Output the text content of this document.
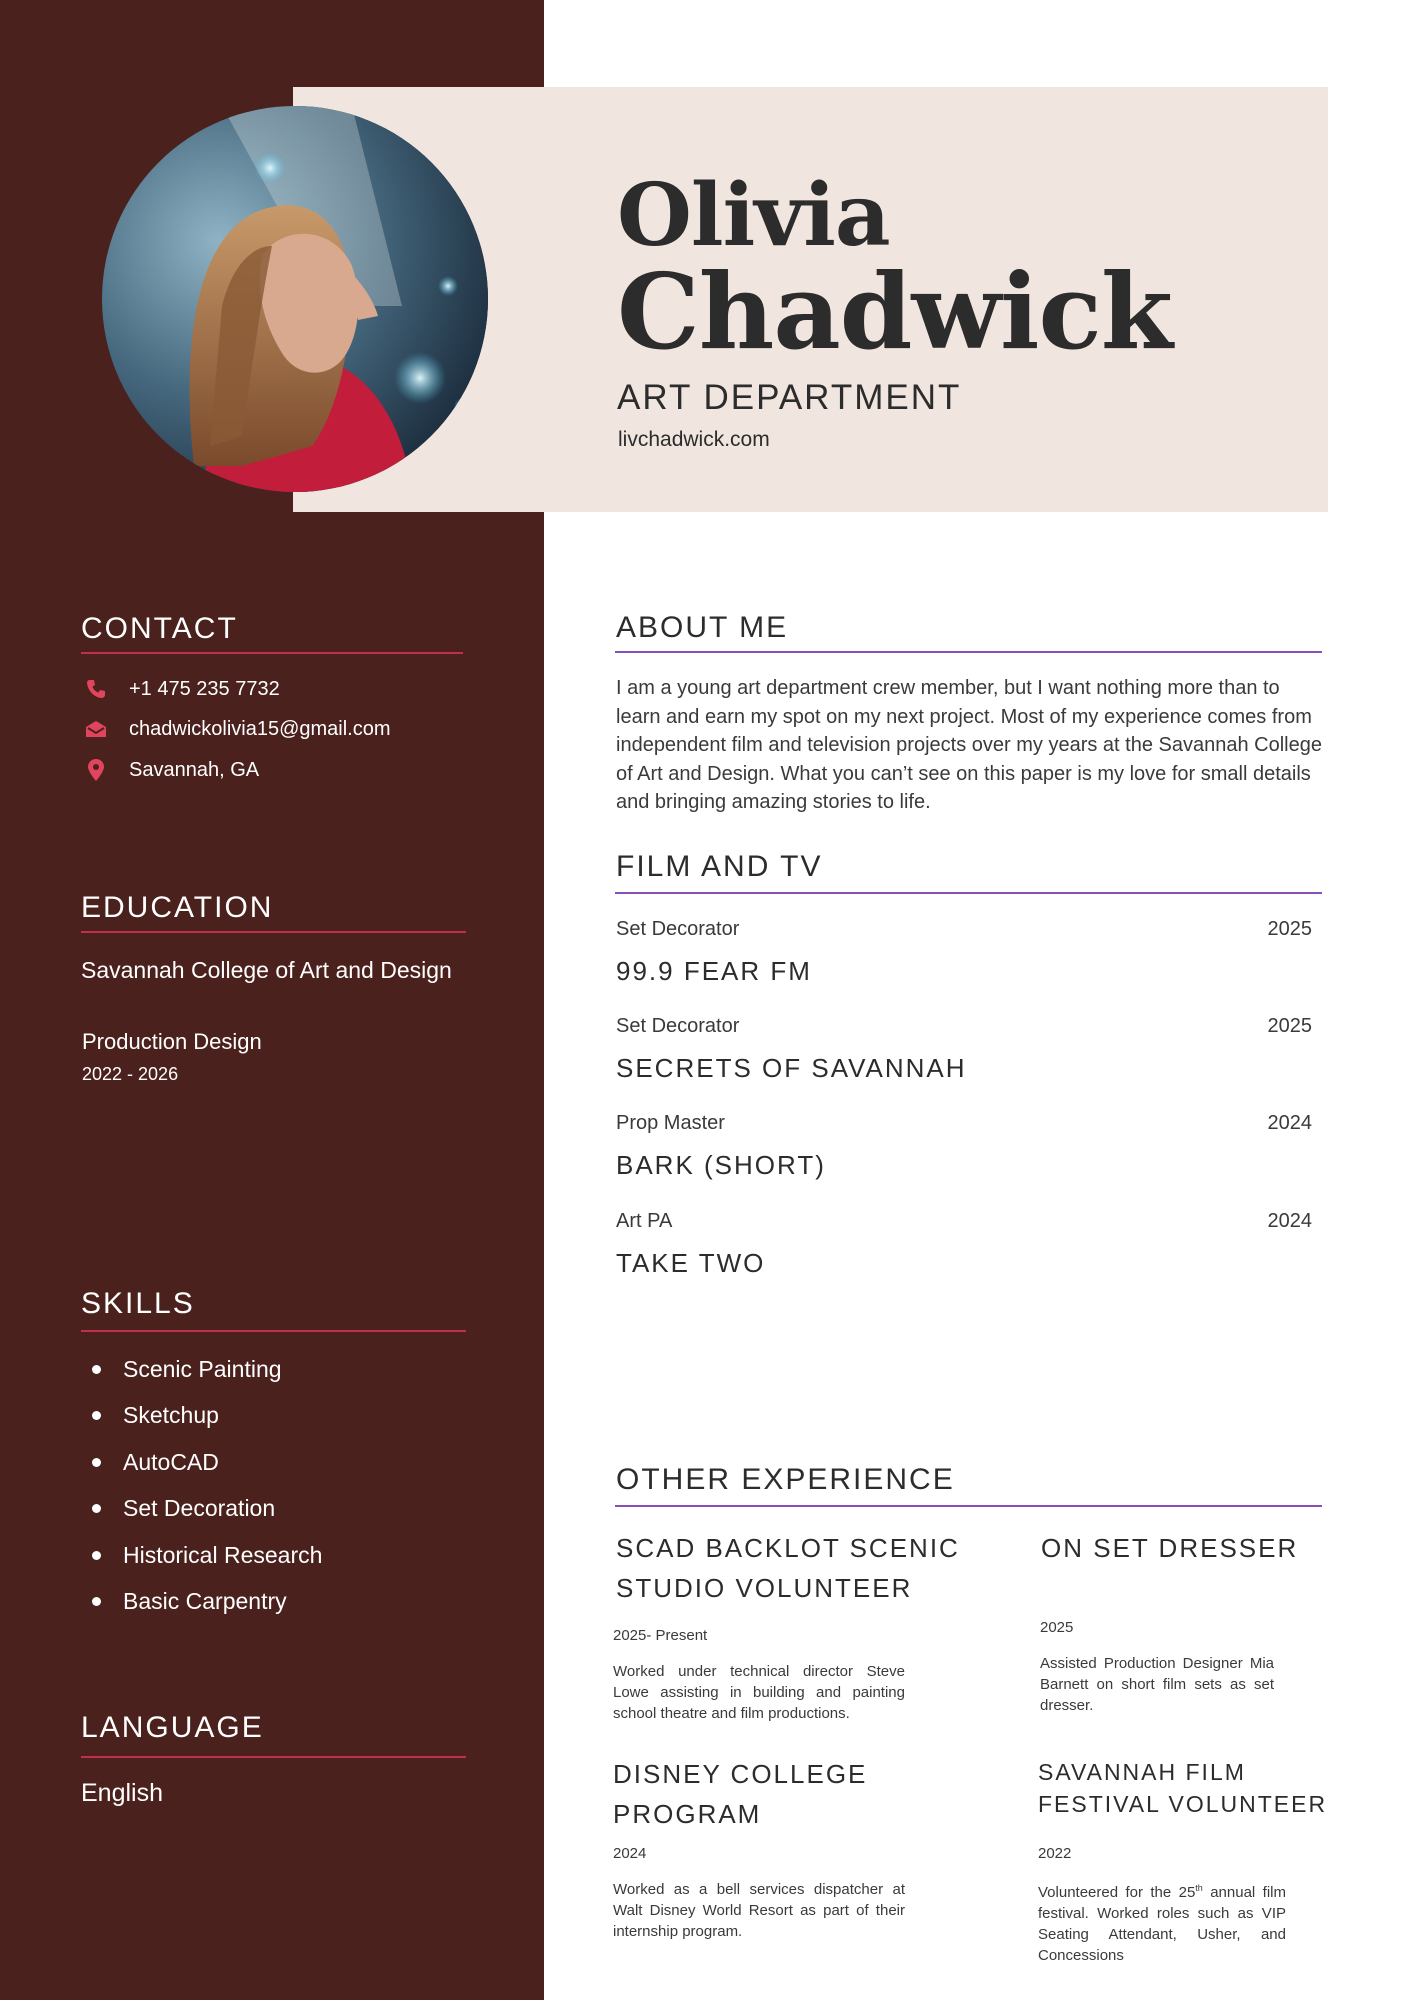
Olivia
Chadwick
ART DEPARTMENT
livchadwick.com
CONTACT
+1 475 235 7732
chadwickolivia15@gmail.com
Savannah, GA
EDUCATION
Savannah College of Art and Design
Production Design
2022 - 2026
SKILLS
Scenic Painting
Sketchup
AutoCAD
Set Decoration
Historical Research
Basic Carpentry
LANGUAGE
English
ABOUT ME
I am a young art department crew member, but I want nothing more than to learn and earn my spot on my next project. Most of my experience comes from independent film and television projects over my years at the Savannah College of Art and Design. What you can’t see on this paper is my love for small details and bringing amazing stories to life.
FILM AND TV
Set Decorator	2025
99.9 FEAR FM
Set Decorator	2025
SECRETS OF SAVANNAH
Prop Master	2024
BARK (SHORT)
Art PA	2024
TAKE TWO
OTHER EXPERIENCE
SCAD BACKLOT SCENIC
STUDIO VOLUNTEER
2025- Present
Worked under technical director Steve Lowe assisting in building and painting school theatre and film productions.
ON SET DRESSER
2025
Assisted Production Designer Mia Barnett on short film sets as set dresser.
DISNEY COLLEGE
PROGRAM
2024
Worked as a bell services dispatcher at Walt Disney World Resort as part of their internship program.
SAVANNAH FILM
FESTIVAL VOLUNTEER
2022
Volunteered for the 25th annual film festival. Worked roles such as VIP Seating Attendant, Usher, and Concessions
